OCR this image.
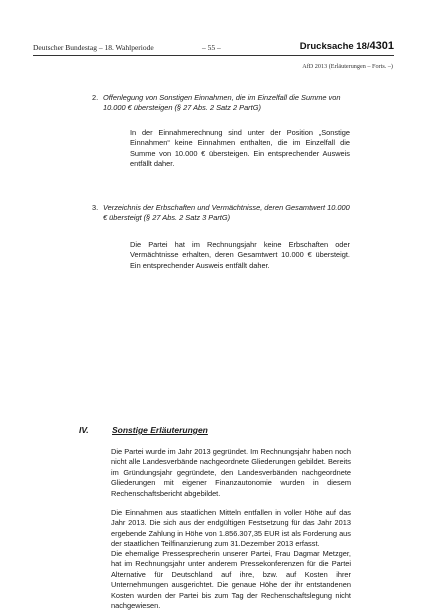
Deutscher Bundestag – 18. Wahlperiode	– 55 –	Drucksache 18/4301
AfD 2013 (Erläuterungen – Forts. –)
2. Offenlegung von Sonstigen Einnahmen, die im Einzelfall die Summe von 10.000 € übersteigen (§ 27 Abs. 2 Satz 2 PartG)

In der Einnahmerechnung sind unter der Position „Sonstige Einnahmen“ keine Einnahmen enthalten, die im Einzelfall die Summe von 10.000 € übersteigen. Ein entsprechender Ausweis entfällt daher.

3. Verzeichnis der Erbschaften und Vermächtnisse, deren Gesamtwert 10.000 € übersteigt (§ 27 Abs. 2 Satz 3 PartG)

Die Partei hat im Rechnungsjahr keine Erbschaften oder Vermächtnisse erhalten, deren Gesamtwert 10.000 € übersteigt. Ein entsprechender Ausweis entfällt daher.

IV.	Sonstige Erläuterungen

Die Partei wurde im Jahr 2013 gegründet. Im Rechnungsjahr haben noch nicht alle Landesverbände nachgeordnete Gliederungen gebildet. Bereits im Gründungsjahr gegründete, den Landesverbänden nachgeordnete Gliederungen mit eigener Finanzautonomie wurden in diesem Rechenschaftsbericht abgebildet.

Die Einnahmen aus staatlichen Mitteln entfallen in voller Höhe auf das Jahr 2013. Die sich aus der endgültigen Festsetzung für das Jahr 2013 ergebende Zahlung in Höhe von 1.856.307,35 EUR ist als Forderung aus der staatlichen Teilfinanzierung zum 31.Dezember 2013 erfasst.

Die ehemalige Pressesprecherin unserer Partei, Frau Dagmar Metzger, hat im Rechnungsjahr unter anderem Pressekonferenzen für die Partei Alternative für Deutschland auf ihre, bzw. auf Kosten ihrer Unternehmungen ausgerichtet. Die genaue Höhe der ihr entstandenen Kosten wurden der Partei bis zum Tag der Rechenschaftslegung nicht nachgewiesen.
